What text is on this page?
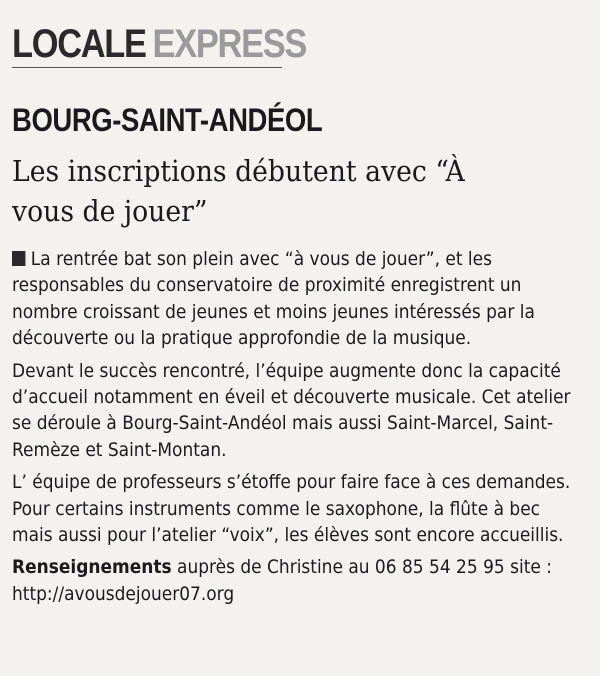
LOCALE EXPRESS
BOURG-SAINT-ANDÉOL
Les inscriptions débutent avec “À vous de jouer”

La rentrée bat son plein avec “à vous de jouer”, et les responsables du conservatoire de proximité enregistrent un nombre croissant de jeunes et moins jeunes intéressés par la découverte ou la pratique approfondie de la musique.

Devant le succès rencontré, l’équipe augmente donc la capacité d’accueil notamment en éveil et découverte musicale. Cet atelier se déroule à Bourg-Saint-Andéol mais aussi Saint-Marcel, Saint-Remèze et Saint-Montan.

L’ équipe de professeurs s’étoffe pour faire face à ces demandes. Pour certains instruments comme le saxophone, la flûte à bec mais aussi pour l’atelier “voix”, les élèves sont encore accueillis.

Renseignements auprès de Christine au 06 85 54 25 95 site : http://avousdejouer07.org
